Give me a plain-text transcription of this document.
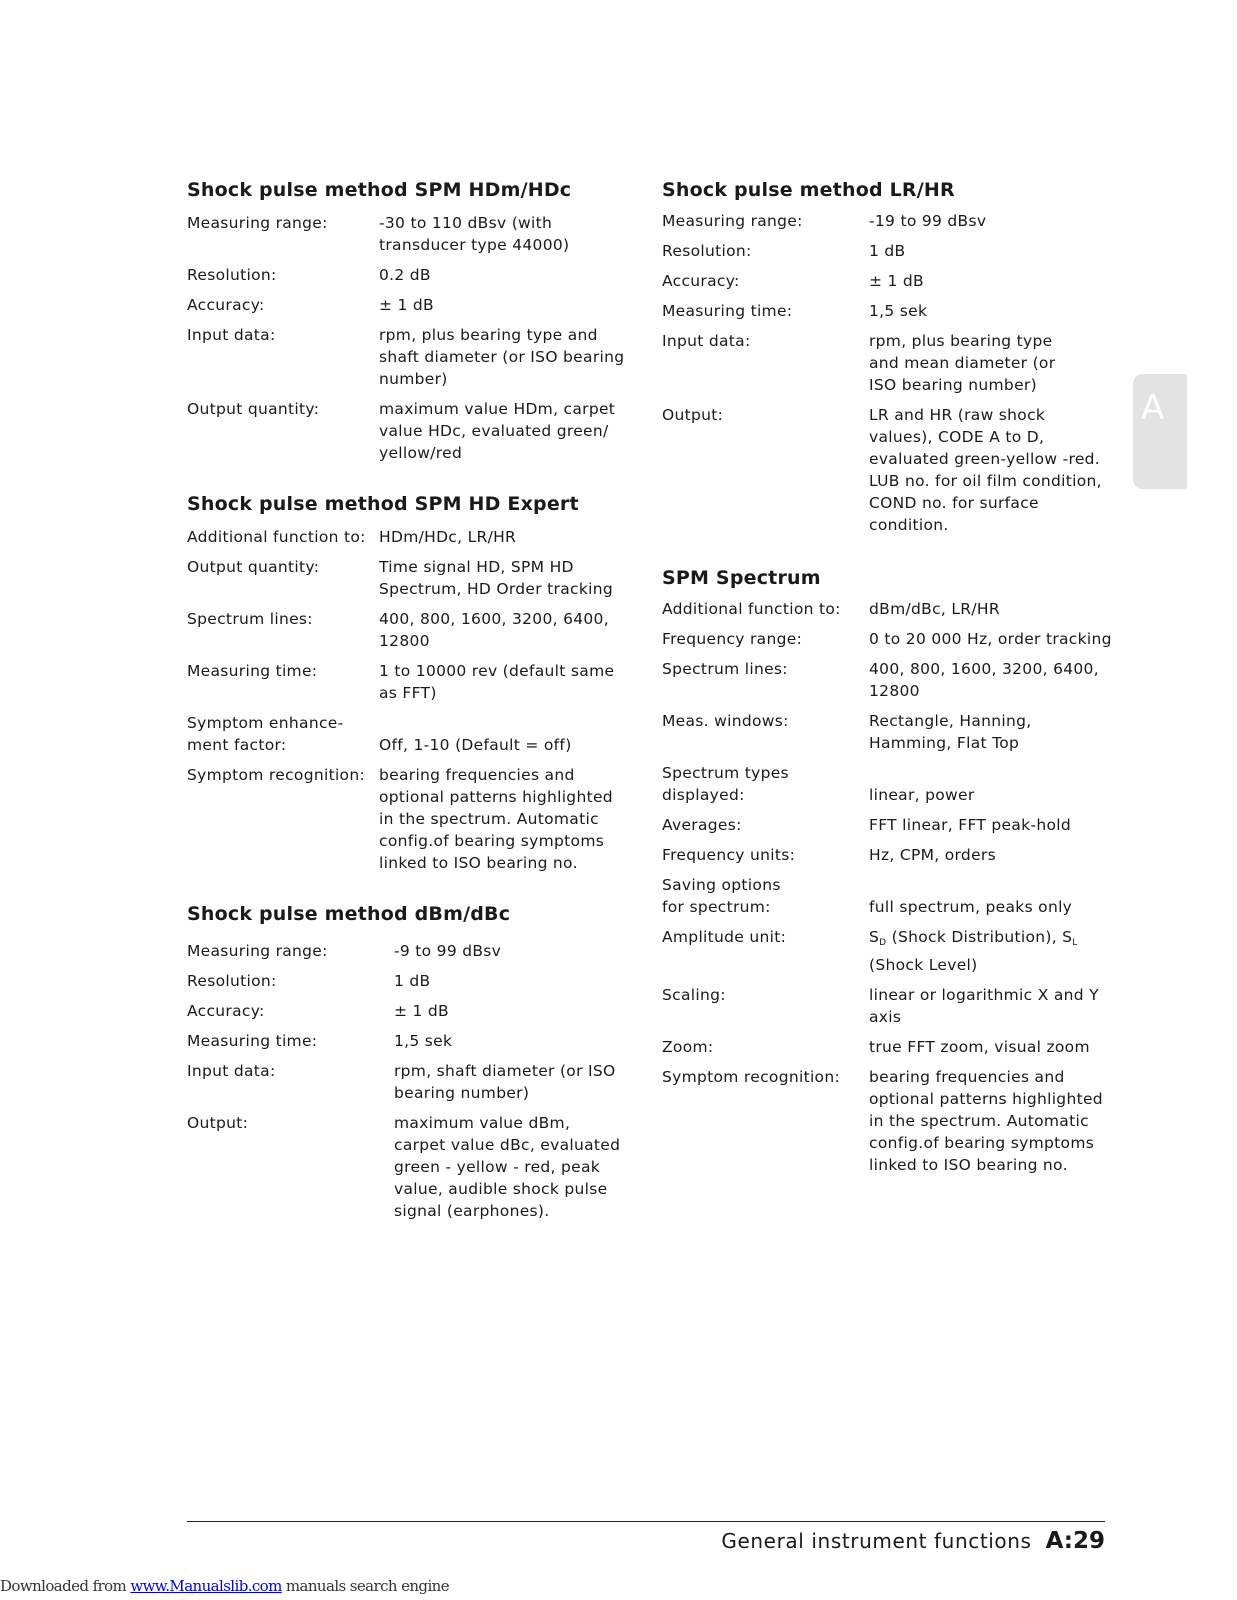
Shock pulse method SPM HDm/HDc
Measuring range:	-30 to 110 dBsv (with transducer type 44000)
Resolution:	0.2 dB
Accuracy:	± 1 dB
Input data:	rpm, plus bearing type and shaft diameter (or ISO bearing number)
Output quantity:	maximum value HDm, carpet value HDc, evaluated green/ yellow/red
Shock pulse method SPM HD Expert
Additional function to: HDm/HDc, LR/HR
Output quantity:	Time signal HD, SPM HD Spectrum, HD Order tracking
Spectrum lines:	400, 800, 1600, 3200, 6400, 12800
Measuring time:	1 to 10000 rev (default same as FFT)
Symptom enhance-
ment factor:	Off, 1-10 (Default = off)
Symptom recognition: bearing frequencies and optional patterns highlighted in the spectrum. Automatic config.of bearing symptoms linked to ISO bearing no.
Shock pulse method dBm/dBc
Measuring range:	-9 to 99 dBsv
Resolution:	1 dB
Accuracy:	± 1 dB
Measuring time:	1,5 sek
Input data:	rpm, shaft diameter (or ISO bearing number)
Output:	maximum value dBm, carpet value dBc, evaluated green - yellow - red, peak value, audible shock pulse signal (earphones).
Shock pulse method LR/HR
Measuring range:	-19 to 99 dBsv
Resolution:	1 dB
Accuracy:	± 1 dB
Measuring time:	1,5 sek
Input data:	rpm, plus bearing type and mean diameter (or ISO bearing number)
Output:	LR and HR (raw shock values), CODE A to D, evaluated green-yellow -red. LUB no. for oil film condition, COND no. for surface condition.
SPM Spectrum
Additional function to:	dBm/dBc, LR/HR
Frequency range:	0 to 20 000 Hz, order tracking
Spectrum lines:	400, 800, 1600, 3200, 6400, 12800
Meas. windows:	Rectangle, Hanning, Hamming, Flat Top
Spectrum types
displayed:	linear, power
Averages:	FFT linear, FFT peak-hold
Frequency units:	Hz, CPM, orders
Saving options
for spectrum:	full spectrum, peaks only
Amplitude unit:	$S_D$ (Shock Distribution), $S_L$ (Shock Level)
Scaling:	linear or logarithmic X and Y axis
Zoom:	true FFT zoom, visual zoom
Symptom recognition:	bearing frequencies and optional patterns highlighted in the spectrum. Automatic config.of bearing symptoms linked to ISO bearing no.
A
General instrument functions A:29
Downloaded from www.Manualslib.com manuals search engine
